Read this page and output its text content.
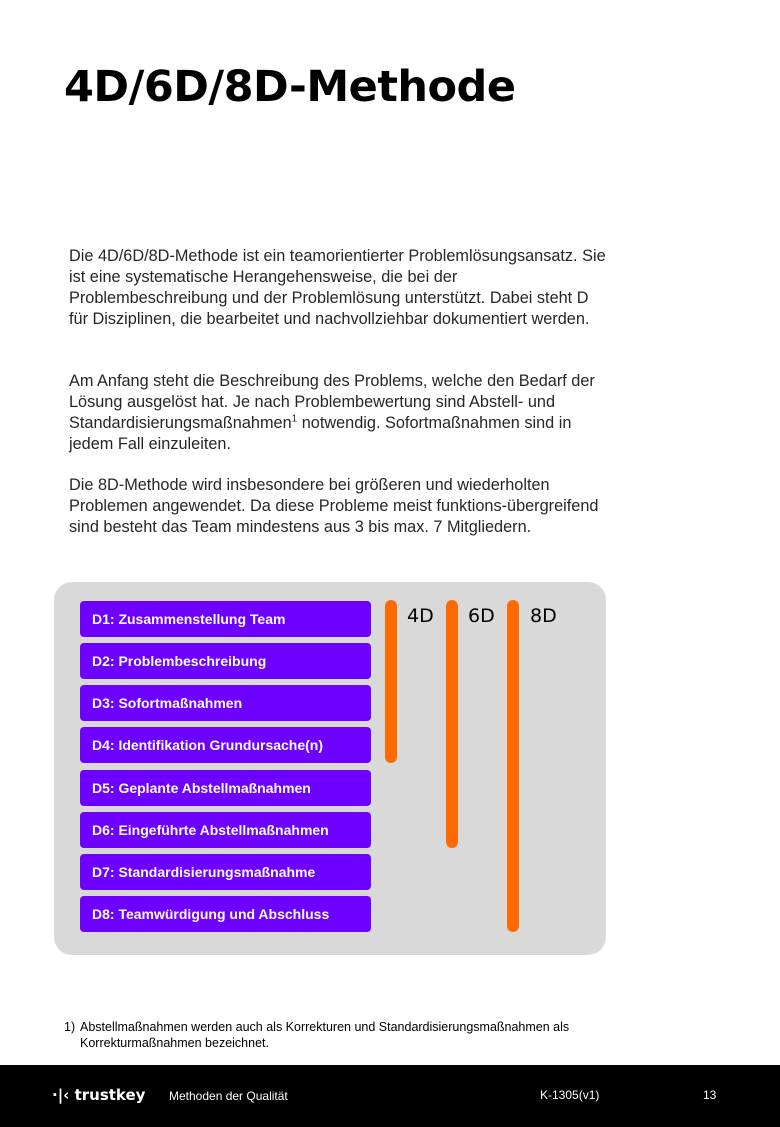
4D/6D/8D-Methode

Die 4D/6D/8D-Methode ist ein teamorientierter Problemlösungsansatz. Sie ist eine systematische Herangehensweise, die bei der Problembeschreibung und der Problemlösung unterstützt. Dabei steht D für Disziplinen, die bearbeitet und nachvollziehbar dokumentiert werden.

Am Anfang steht die Beschreibung des Problems, welche den Bedarf der Lösung ausgelöst hat. Je nach Problembewertung sind Abstell- und Standardisierungsmaßnahmen$^1$ notwendig. Sofortmaßnahmen sind in jedem Fall einzuleiten.

Die 8D-Methode wird insbesondere bei größeren und wiederholten Problemen angewendet. Da diese Probleme meist funktions-übergreifend sind besteht das Team mindestens aus 3 bis max. 7 Mitgliedern.

D1: Zusammenstellung Team
D2: Problembeschreibung
D3: Sofortmaßnahmen
D4: Identifikation Grundursache(n)
D5: Geplante Abstellmaßnahmen
D6: Eingeführte Abstellmaßnahmen
D7: Standardisierungsmaßnahme
D8: Teamwürdigung und Abschluss
4D 6D 8D
1) Abstellmaßnahmen werden auch als Korrekturen und Standardisierungsmaßnahmen als Korrekturmaßnahmen bezeichnet.
·|‹ trustkey Methoden der Qualität	K-1305(v1)	13
